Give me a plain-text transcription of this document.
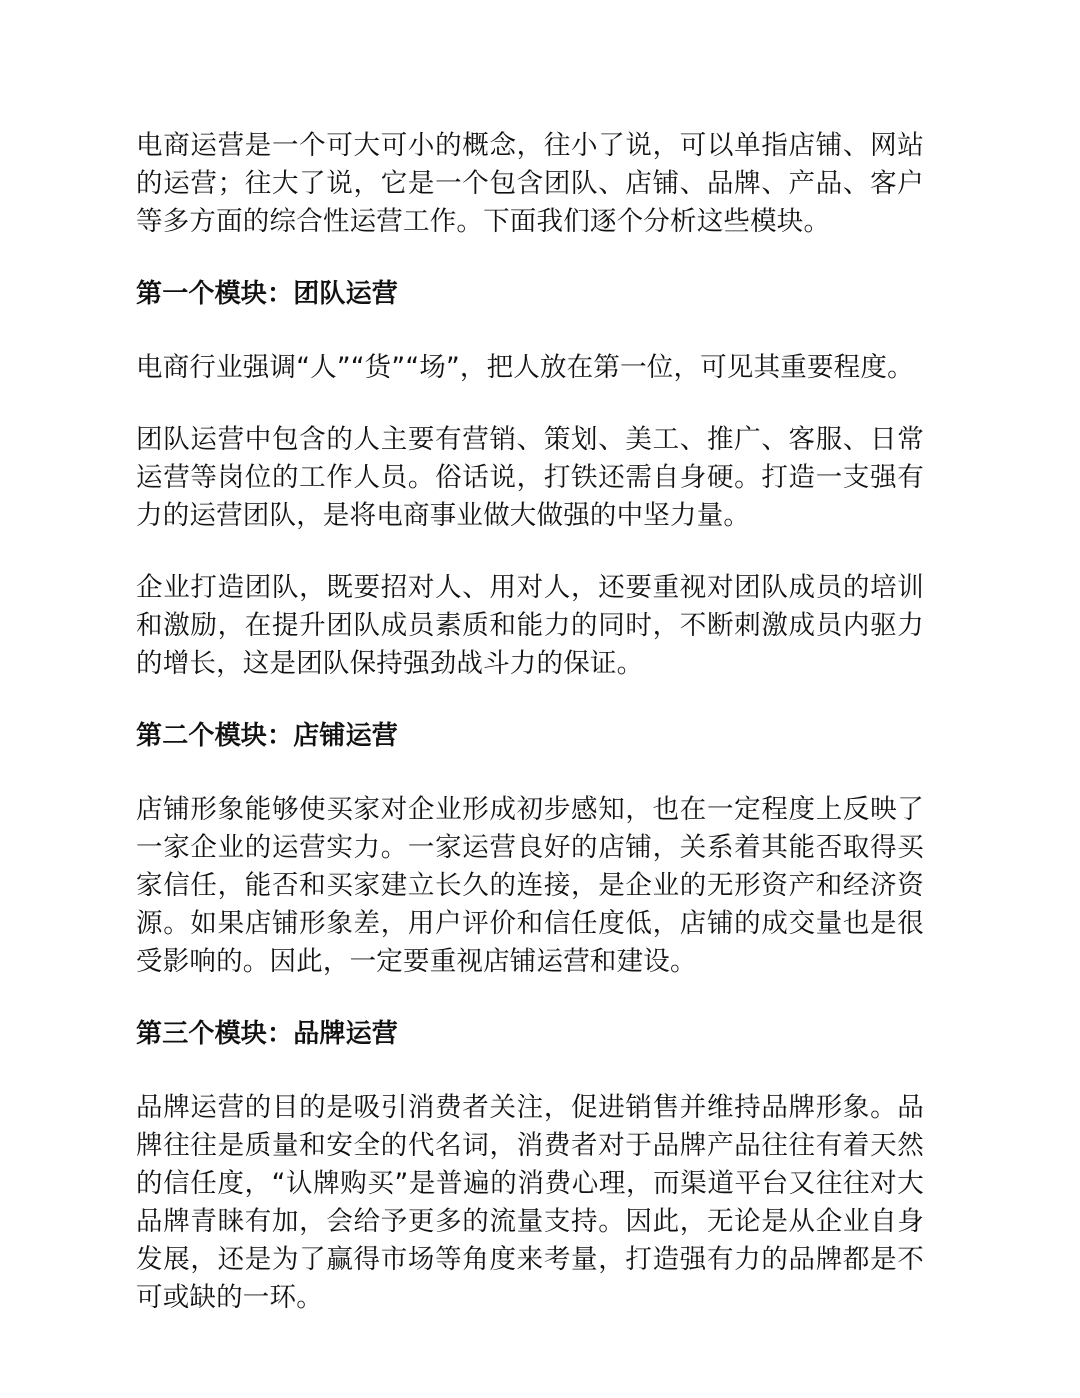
电商运营是一个可大可小的概念，往小了说，可以单指店铺、网站的运营；往大了说，它是一个包含团队、店铺、品牌、产品、客户等多方面的综合性运营工作。下面我们逐个分析这些模块。

第一个模块：团队运营

电商行业强调“人”“货”“场”，把人放在第一位，可见其重要程度。

团队运营中包含的人主要有营销、策划、美工、推广、客服、日常运营等岗位的工作人员。俗话说，打铁还需自身硬。打造一支强有力的运营团队，是将电商事业做大做强的中坚力量。

企业打造团队，既要招对人、用对人，还要重视对团队成员的培训和激励，在提升团队成员素质和能力的同时，不断刺激成员内驱力的增长，这是团队保持强劲战斗力的保证。

第二个模块：店铺运营

店铺形象能够使买家对企业形成初步感知，也在一定程度上反映了一家企业的运营实力。一家运营良好的店铺，关系着其能否取得买家信任，能否和买家建立长久的连接，是企业的无形资产和经济资源。如果店铺形象差，用户评价和信任度低，店铺的成交量也是很受影响的。因此，一定要重视店铺运营和建设。

第三个模块：品牌运营

品牌运营的目的是吸引消费者关注，促进销售并维持品牌形象。品牌往往是质量和安全的代名词，消费者对于品牌产品往往有着天然的信任度，“认牌购买”是普遍的消费心理，而渠道平台又往往对大品牌青睐有加，会给予更多的流量支持。因此，无论是从企业自身发展，还是为了赢得市场等角度来考量，打造强有力的品牌都是不可或缺的一环。
